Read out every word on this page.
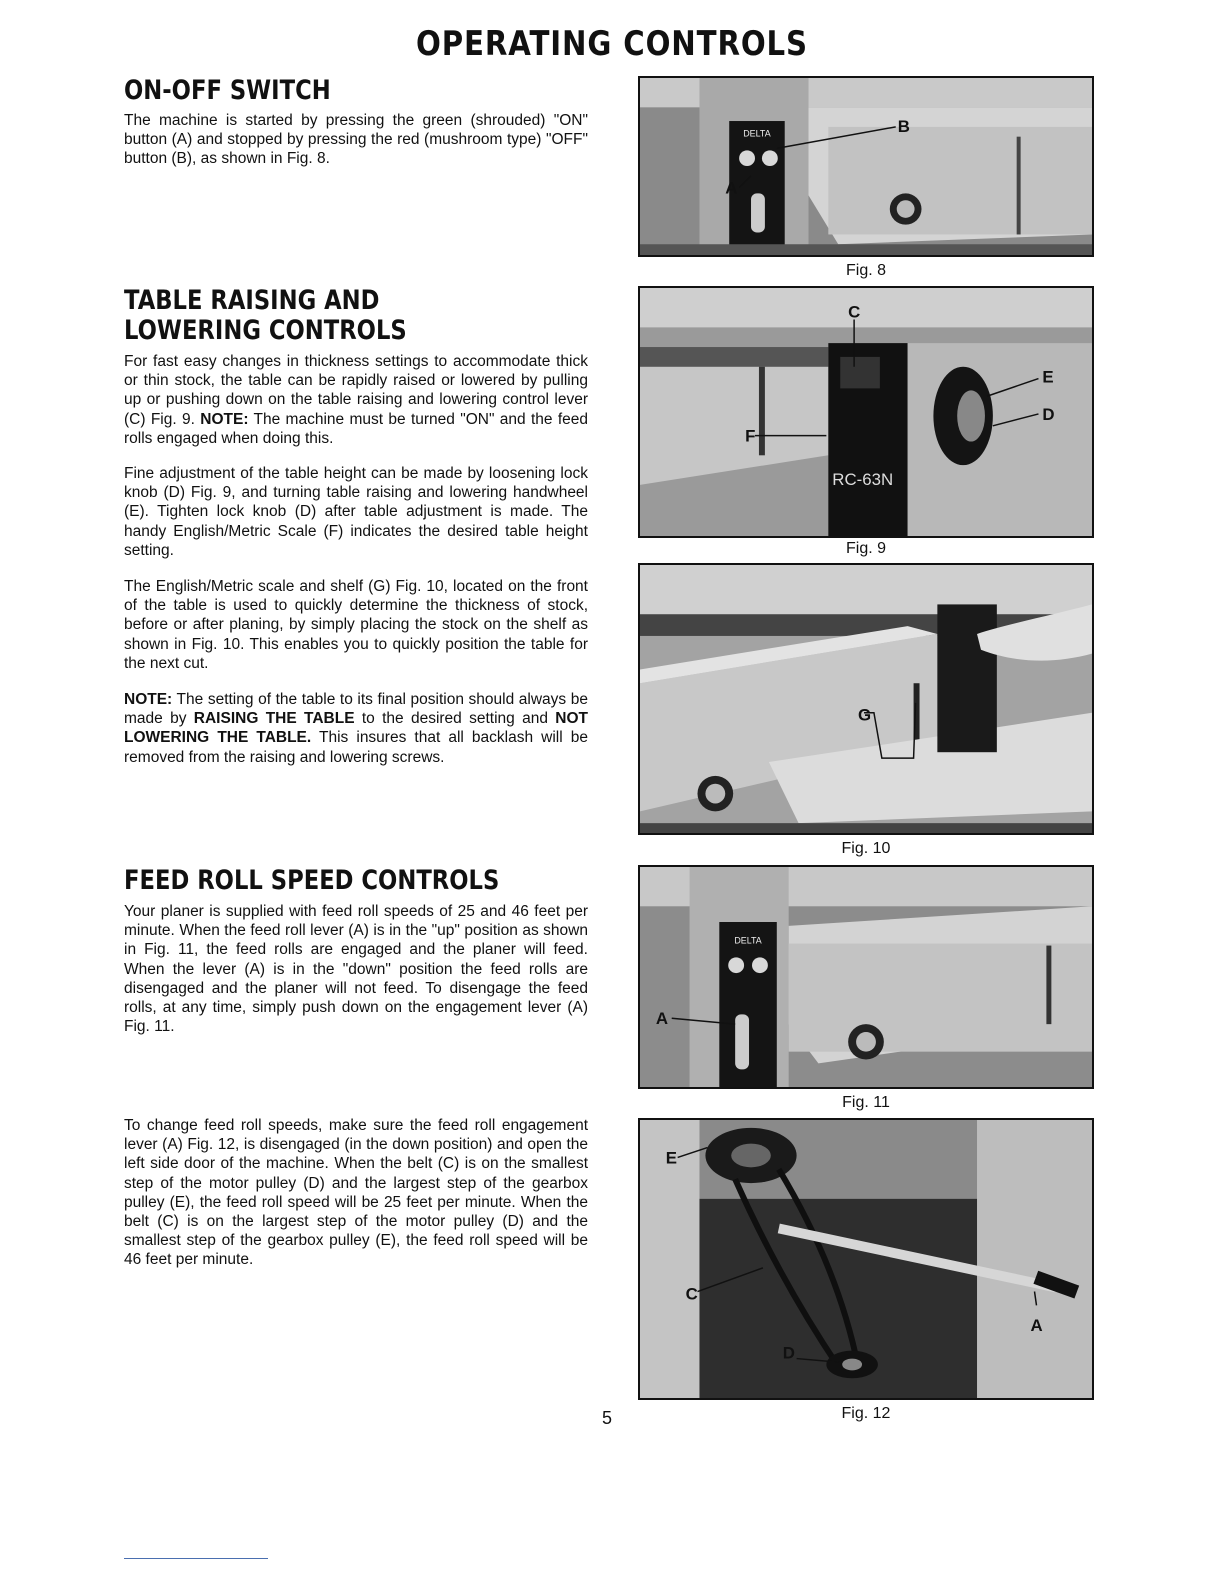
OPERATING CONTROLS
ON-OFF SWITCH

The machine is started by pressing the green (shrouded) "ON" button (A) and stopped by pressing the red (mushroom type) "OFF" button (B), as shown in Fig. 8.

TABLE RAISING AND
LOWERING CONTROLS

For fast easy changes in thickness settings to accommodate thick or thin stock, the table can be rapidly raised or lowered by pulling up or pushing down on the table raising and lowering control lever (C) Fig. 9. NOTE: The machine must be turned "ON" and the feed rolls engaged when doing this.

Fine adjustment of the table height can be made by loosening lock knob (D) Fig. 9, and turning table raising and lowering handwheel (E). Tighten lock knob (D) after table adjustment is made. The handy English/Metric Scale (F) indicates the desired table height setting.

The English/Metric scale and shelf (G) Fig. 10, located on the front of the table is used to quickly determine the thickness of stock, before or after planing, by simply placing the stock on the shelf as shown in Fig. 10. This enables you to quickly position the table for the next cut.

NOTE: The setting of the table to its final position should always be made by RAISING THE TABLE to the desired setting and NOT LOWERING THE TABLE. This insures that all backlash will be removed from the raising and lowering screws.

FEED ROLL SPEED CONTROLS

Your planer is supplied with feed roll speeds of 25 and 46 feet per minute. When the feed roll lever (A) is in the "up" position as shown in Fig. 11, the feed rolls are engaged and the planer will feed. When the lever (A) is in the "down" position the feed rolls are disengaged and the planer will not feed. To disengage the feed rolls, at any time, simply push down on the engagement lever (A) Fig. 11.

To change feed roll speeds, make sure the feed roll engagement lever (A) Fig. 12, is disengaged (in the down position) and open the left side door of the machine. When the belt (C) is on the smallest step of the motor pulley (D) and the largest step of the gearbox pulley (E), the feed roll speed will be 25 feet per minute. When the belt (C) is on the largest step of the motor pulley (D) and the smallest step of the gearbox pulley (E), the feed roll speed will be 46 feet per minute.

DELTA
A
B
Fig. 8
RC-63N
C
E
D
F
Fig. 9
G
Fig. 10
DELTA
A
Fig. 11
E
C
D
A
Fig. 12
5
